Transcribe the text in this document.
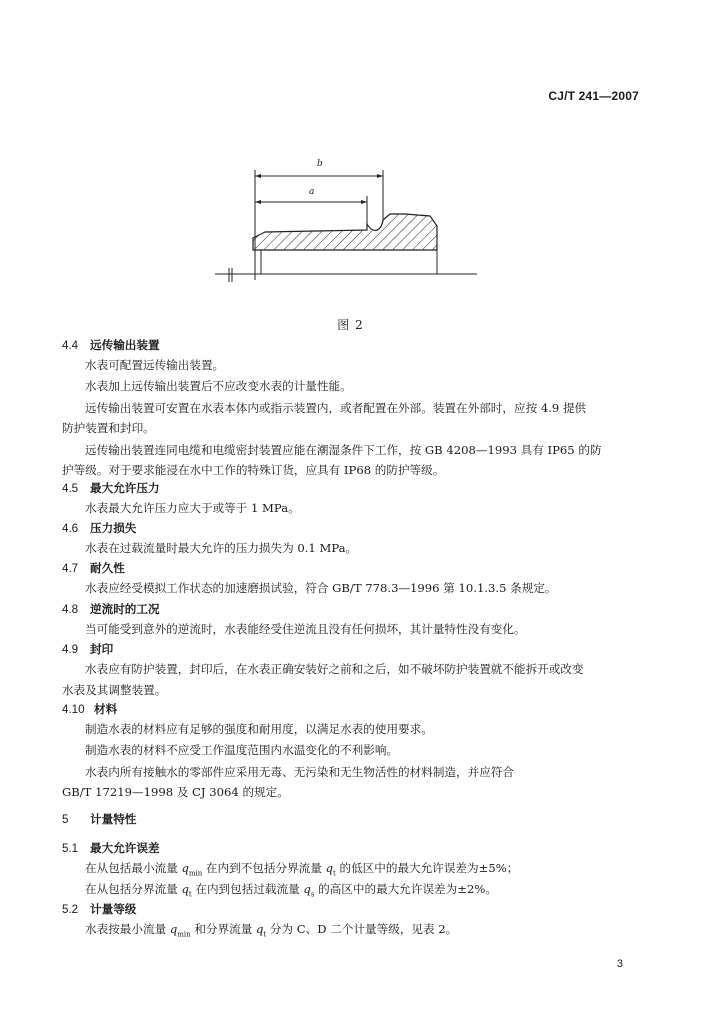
CJ/T 241—2007
b
a
图 2
4.4 远传输出装置
水表可配置远传输出装置。
水表加上远传输出装置后不应改变水表的计量性能。
远传输出装置可安置在水表本体内或指示装置内，或者配置在外部。装置在外部时，应按 4.9 提供
防护装置和封印。
远传输出装置连同电缆和电缆密封装置应能在潮湿条件下工作，按 GB 4208—1993 具有 IP65 的防
护等级。对于要求能浸在水中工作的特殊订货，应具有 IP68 的防护等级。
4.5 最大允许压力
水表最大允许压力应大于或等于 1 MPa。
4.6 压力损失
水表在过载流量时最大允许的压力损失为 0.1 MPa。
4.7 耐久性
水表应经受模拟工作状态的加速磨损试验，符合 GB/T 778.3—1996 第 10.1.3.5 条规定。
4.8 逆流时的工况
当可能受到意外的逆流时，水表能经受住逆流且没有任何损坏，其计量特性没有变化。
4.9 封印
水表应有防护装置，封印后，在水表正确安装好之前和之后，如不破坏防护装置就不能拆开或改变
水表及其调整装置。
4.10 材料
制造水表的材料应有足够的强度和耐用度，以满足水表的使用要求。
制造水表的材料不应受工作温度范围内水温变化的不利影响。
水表内所有接触水的零部件应采用无毒、无污染和无生物活性的材料制造，并应符合
GB/T 17219—1998 及 CJ 3064 的规定。
5 计量特性
5.1 最大允许误差
在从包括最小流量 $q_{min}$ 在内到不包括分界流量 $q_t$ 的低区中的最大允许误差为±5%；
在从包括分界流量 $q_t$ 在内到包括过载流量 $q_s$ 的高区中的最大允许误差为±2%。
5.2 计量等级
水表按最小流量 $q_{min}$ 和分界流量 $q_t$ 分为 C、D 二个计量等级，见表 2。
3
